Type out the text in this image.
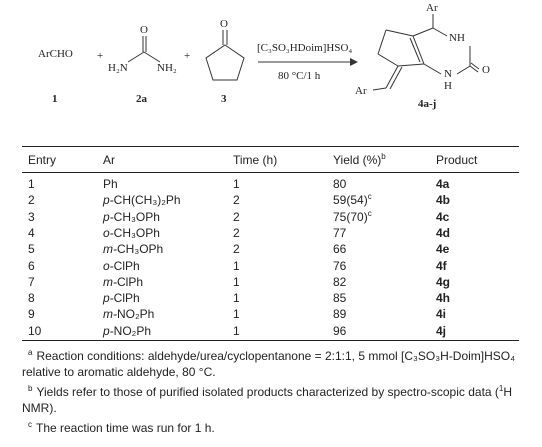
ArCHO
1
+
O
H₂N	NH₂
2a
+
O
3
[C₃SO₃HDoim]HSO₄
80 °C/1 h
Ar
NH
N
H
O
Ar
4a-j
Entry	Ar	Time (h)	Yield (%)$^b$	Product
1	Ph	1	80	4a
2	p-CH(CH₃)₂Ph	2	$59(54)^c$	4b
3	p-CH₃OPh	2	$75(70)^c$	4c
4	o-CH₃OPh	2	77	4d
5	m-CH₃OPh	2	66	4e
6	o-ClPh	1	76	4f
7	m-ClPh	1	82	4g
8	p-ClPh	1	85	4h
9	m-NO₂Ph	1	89	4i
10	p-NO₂Ph	1	96	4j
$^a$ Reaction conditions: aldehyde/urea/cyclopentanone = 2:1:1, 5 mmol [C₃SO₃H-Doim]HSO₄ relative to aromatic aldehyde, 80 °C.
$^b$ Yields refer to those of purified isolated products characterized by spectro-scopic data ($^1$H NMR).
$^c$ The reaction time was run for 1 h.
